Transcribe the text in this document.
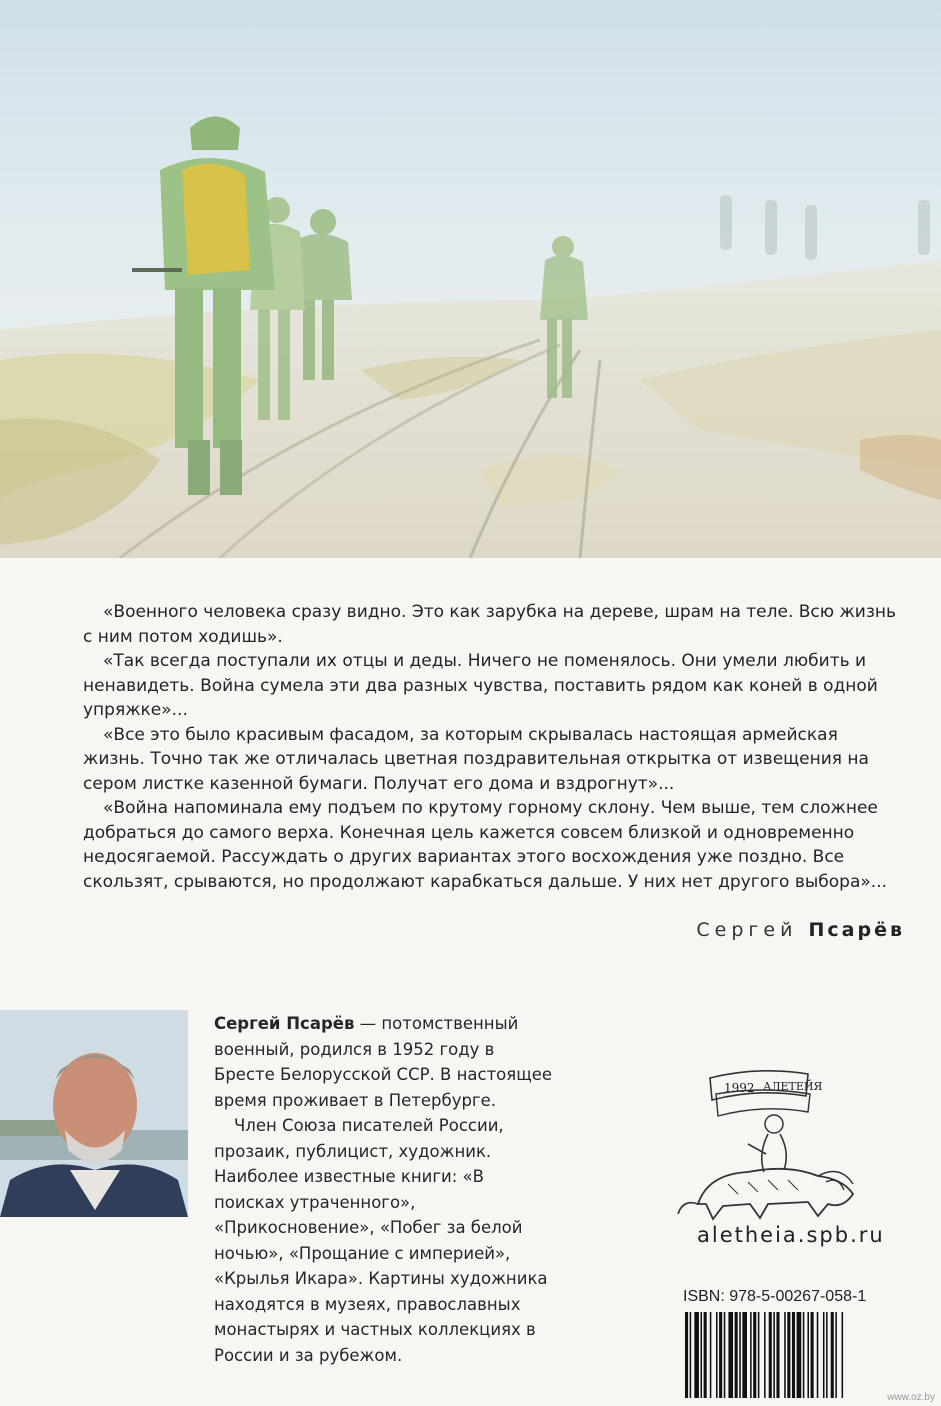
«Военного человека сразу видно. Это как зарубка на дереве, шрам на теле. Всю жизнь с ним потом ходишь».

«Так всегда поступали их отцы и деды. Ничего не поменялось. Они умели любить и ненавидеть. Война сумела эти два разных чувства, поставить рядом как коней в одной упряжке»...

«Все это было красивым фасадом, за которым скрывалась настоящая армейская жизнь. Точно так же отличалась цветная поздравительная открытка от извещения на сером листке казенной бумаги. Получат его дома и вздрогнут»...

«Война напоминала ему подъем по крутому горному склону. Чем выше, тем сложнее добраться до самого верха. Конечная цель кажется совсем близкой и одновременно недосягаемой. Рассуждать о других вариантах этого восхождения уже поздно. Все скользят, срываются, но продолжают карабкаться дальше. У них нет другого выбора»...

Сергей Псарёв

Сергей Псарёв — потомственный военный, родился в 1952 году в Бресте Белорусской ССР. В настоящее время проживает в Петербурге.

Член Союза писателей России, прозаик, публицист, художник. Наиболее известные книги: «В поисках утраченного», «Прикосновение», «Побег за белой ночью», «Прощание с империей», «Крылья Икара». Картины художника находятся в музеях, православных монастырях и частных коллекциях в России и за рубежом.

1992 АЛЕТЕЙЯ
aletheia.spb.ru
ISBN: 978-5-00267-058-1
www.oz.by
